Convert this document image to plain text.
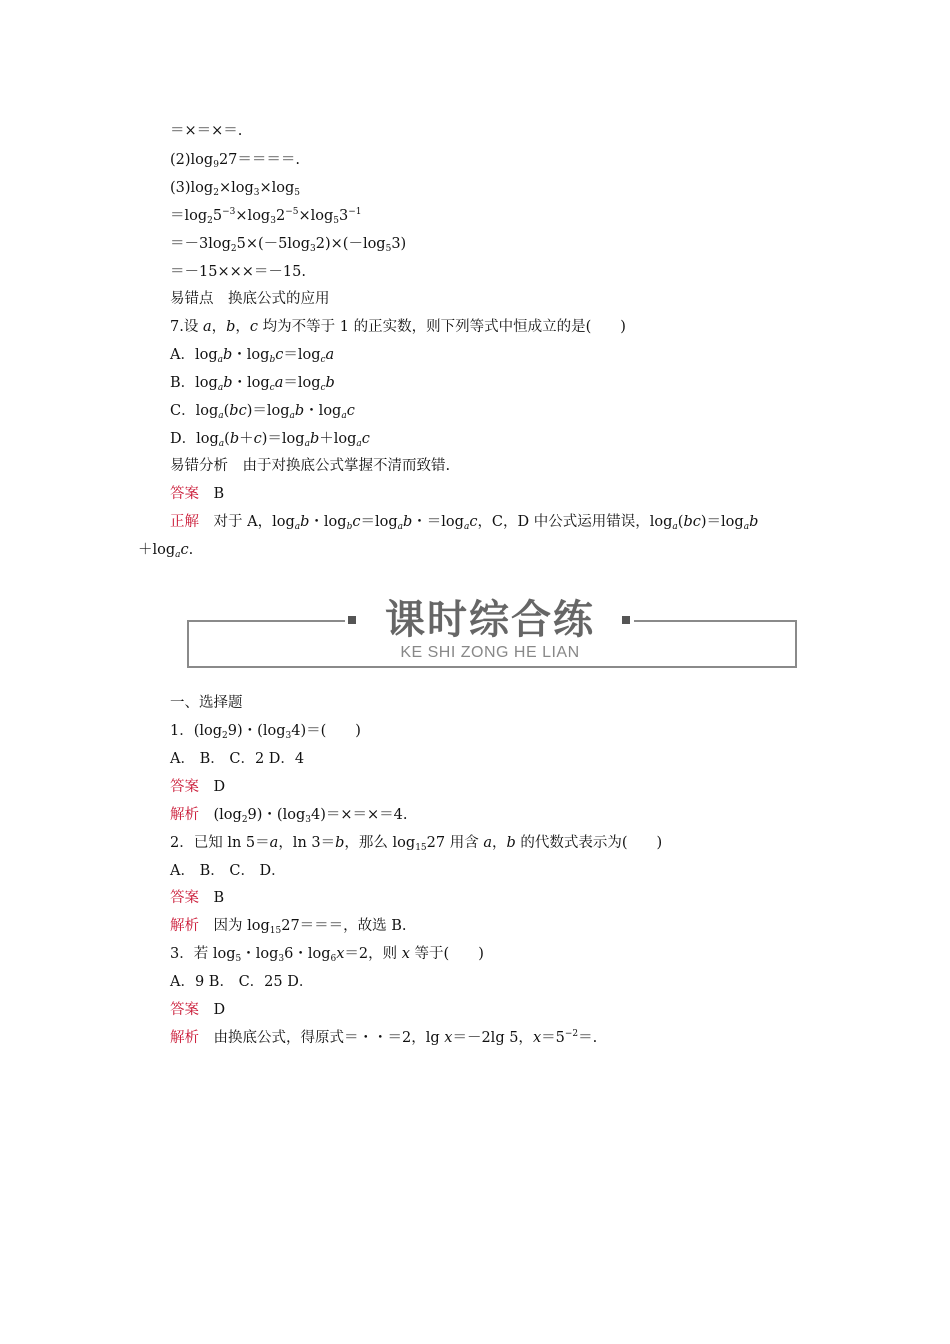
＝×＝×＝.
$(2)\log_927====$.
$(3)\log_2\times\log_3\times\log_5$
$=\log_25^{-3}\times\log_32^{-5}\times\log_53^{-1}$
$=-3\log_25\times(-5\log_32)\times(-\log_53)$
＝－15×××＝－15.
易错点　换底公式的应用
7.设 a，b，c 均为不等于 1 的正实数，则下列等式中恒成立的是(　　)
A．$\log_ab$・$\log_bc=\log_ca$
B．$\log_ab$・$\log_ca=\log_cb$
C．$\log_a(bc)=\log_ab$・$\log_ac$
D．$\log_a(b+c)=\log_ab+\log_ac$
易错分析　由于对换底公式掌握不清而致错.
答案　B
正解　对于 A，$\log_ab$・$\log_bc=\log_ab$・$=\log_ac$，C，D 中公式运用错误，$\log_a(bc)=\log_ab$
$+\log_ac$.
课时综合练
KE SHI ZONG HE LIAN
一、选择题
1．$(\log_29)$・$(\log_34)=$(　　)
A． B． C．2 D．4
答案　D
解析　$(\log_29)$・$(\log_34)=\times=\times=4$.
2．已知 ln 5＝a，ln 3＝b，那么 $\log_{15}27$ 用含 a，b 的代数式表示为(　　)
A． B． C． D．
答案　B
解析　因为 $\log_{15}27===$，故选 B.
3．若 $\log_5$・$\log_36$・$\log_6x=2$，则 x 等于(　　)
A．9 B． C．25 D．
答案　D
解析　由换底公式，得原式＝・・＝2，lg x＝－2lg 5，$x=5^{-2}=$.
